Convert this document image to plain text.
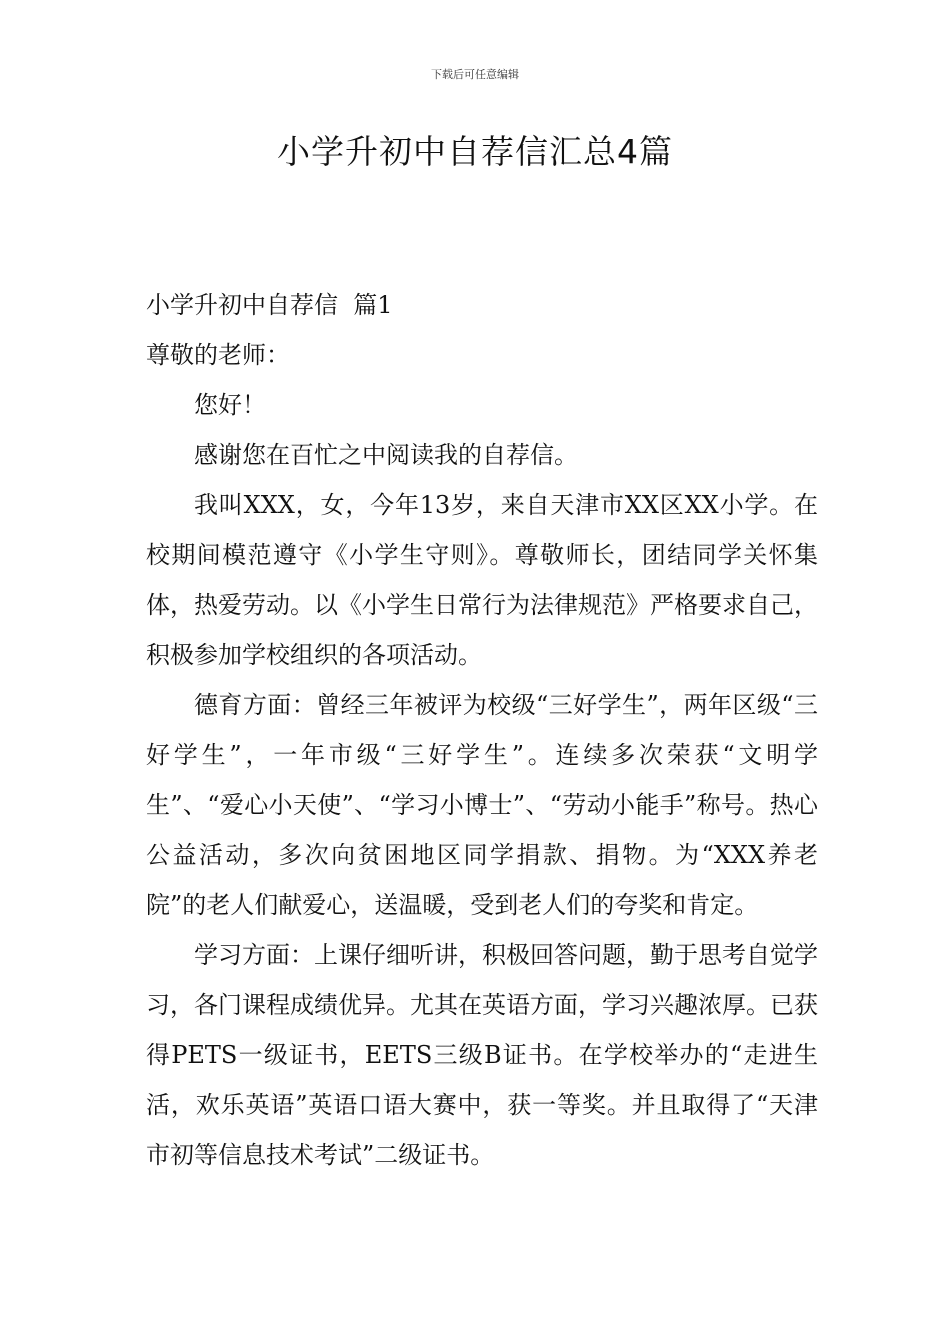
下载后可任意编辑
小学升初中自荐信汇总4篇

小学升初中自荐信  篇1

尊敬的老师：

您好！

感谢您在百忙之中阅读我的自荐信。

我叫XXX，女，今年13岁，来自天津市XX区XX小学。在校期间模范遵守《小学生守则》。尊敬师长，团结同学关怀集体，热爱劳动。以《小学生日常行为法律规范》严格要求自己，积极参加学校组织的各项活动。

德育方面：曾经三年被评为校级“三好学生”，两年区级“三好学生”，一年市级“三好学生”。连续多次荣获“文明学生”、“爱心小天使”、“学习小博士”、“劳动小能手”称号。热心公益活动，多次向贫困地区同学捐款、捐物。为“XXX养老院”的老人们献爱心，送温暖，受到老人们的夸奖和肯定。

学习方面：上课仔细听讲，积极回答问题，勤于思考自觉学习，各门课程成绩优异。尤其在英语方面，学习兴趣浓厚。已获得PETS一级证书，EETS三级B证书。在学校举办的“走进生活，欢乐英语”英语口语大赛中，获一等奖。并且取得了“天津市初等信息技术考试”二级证书。
